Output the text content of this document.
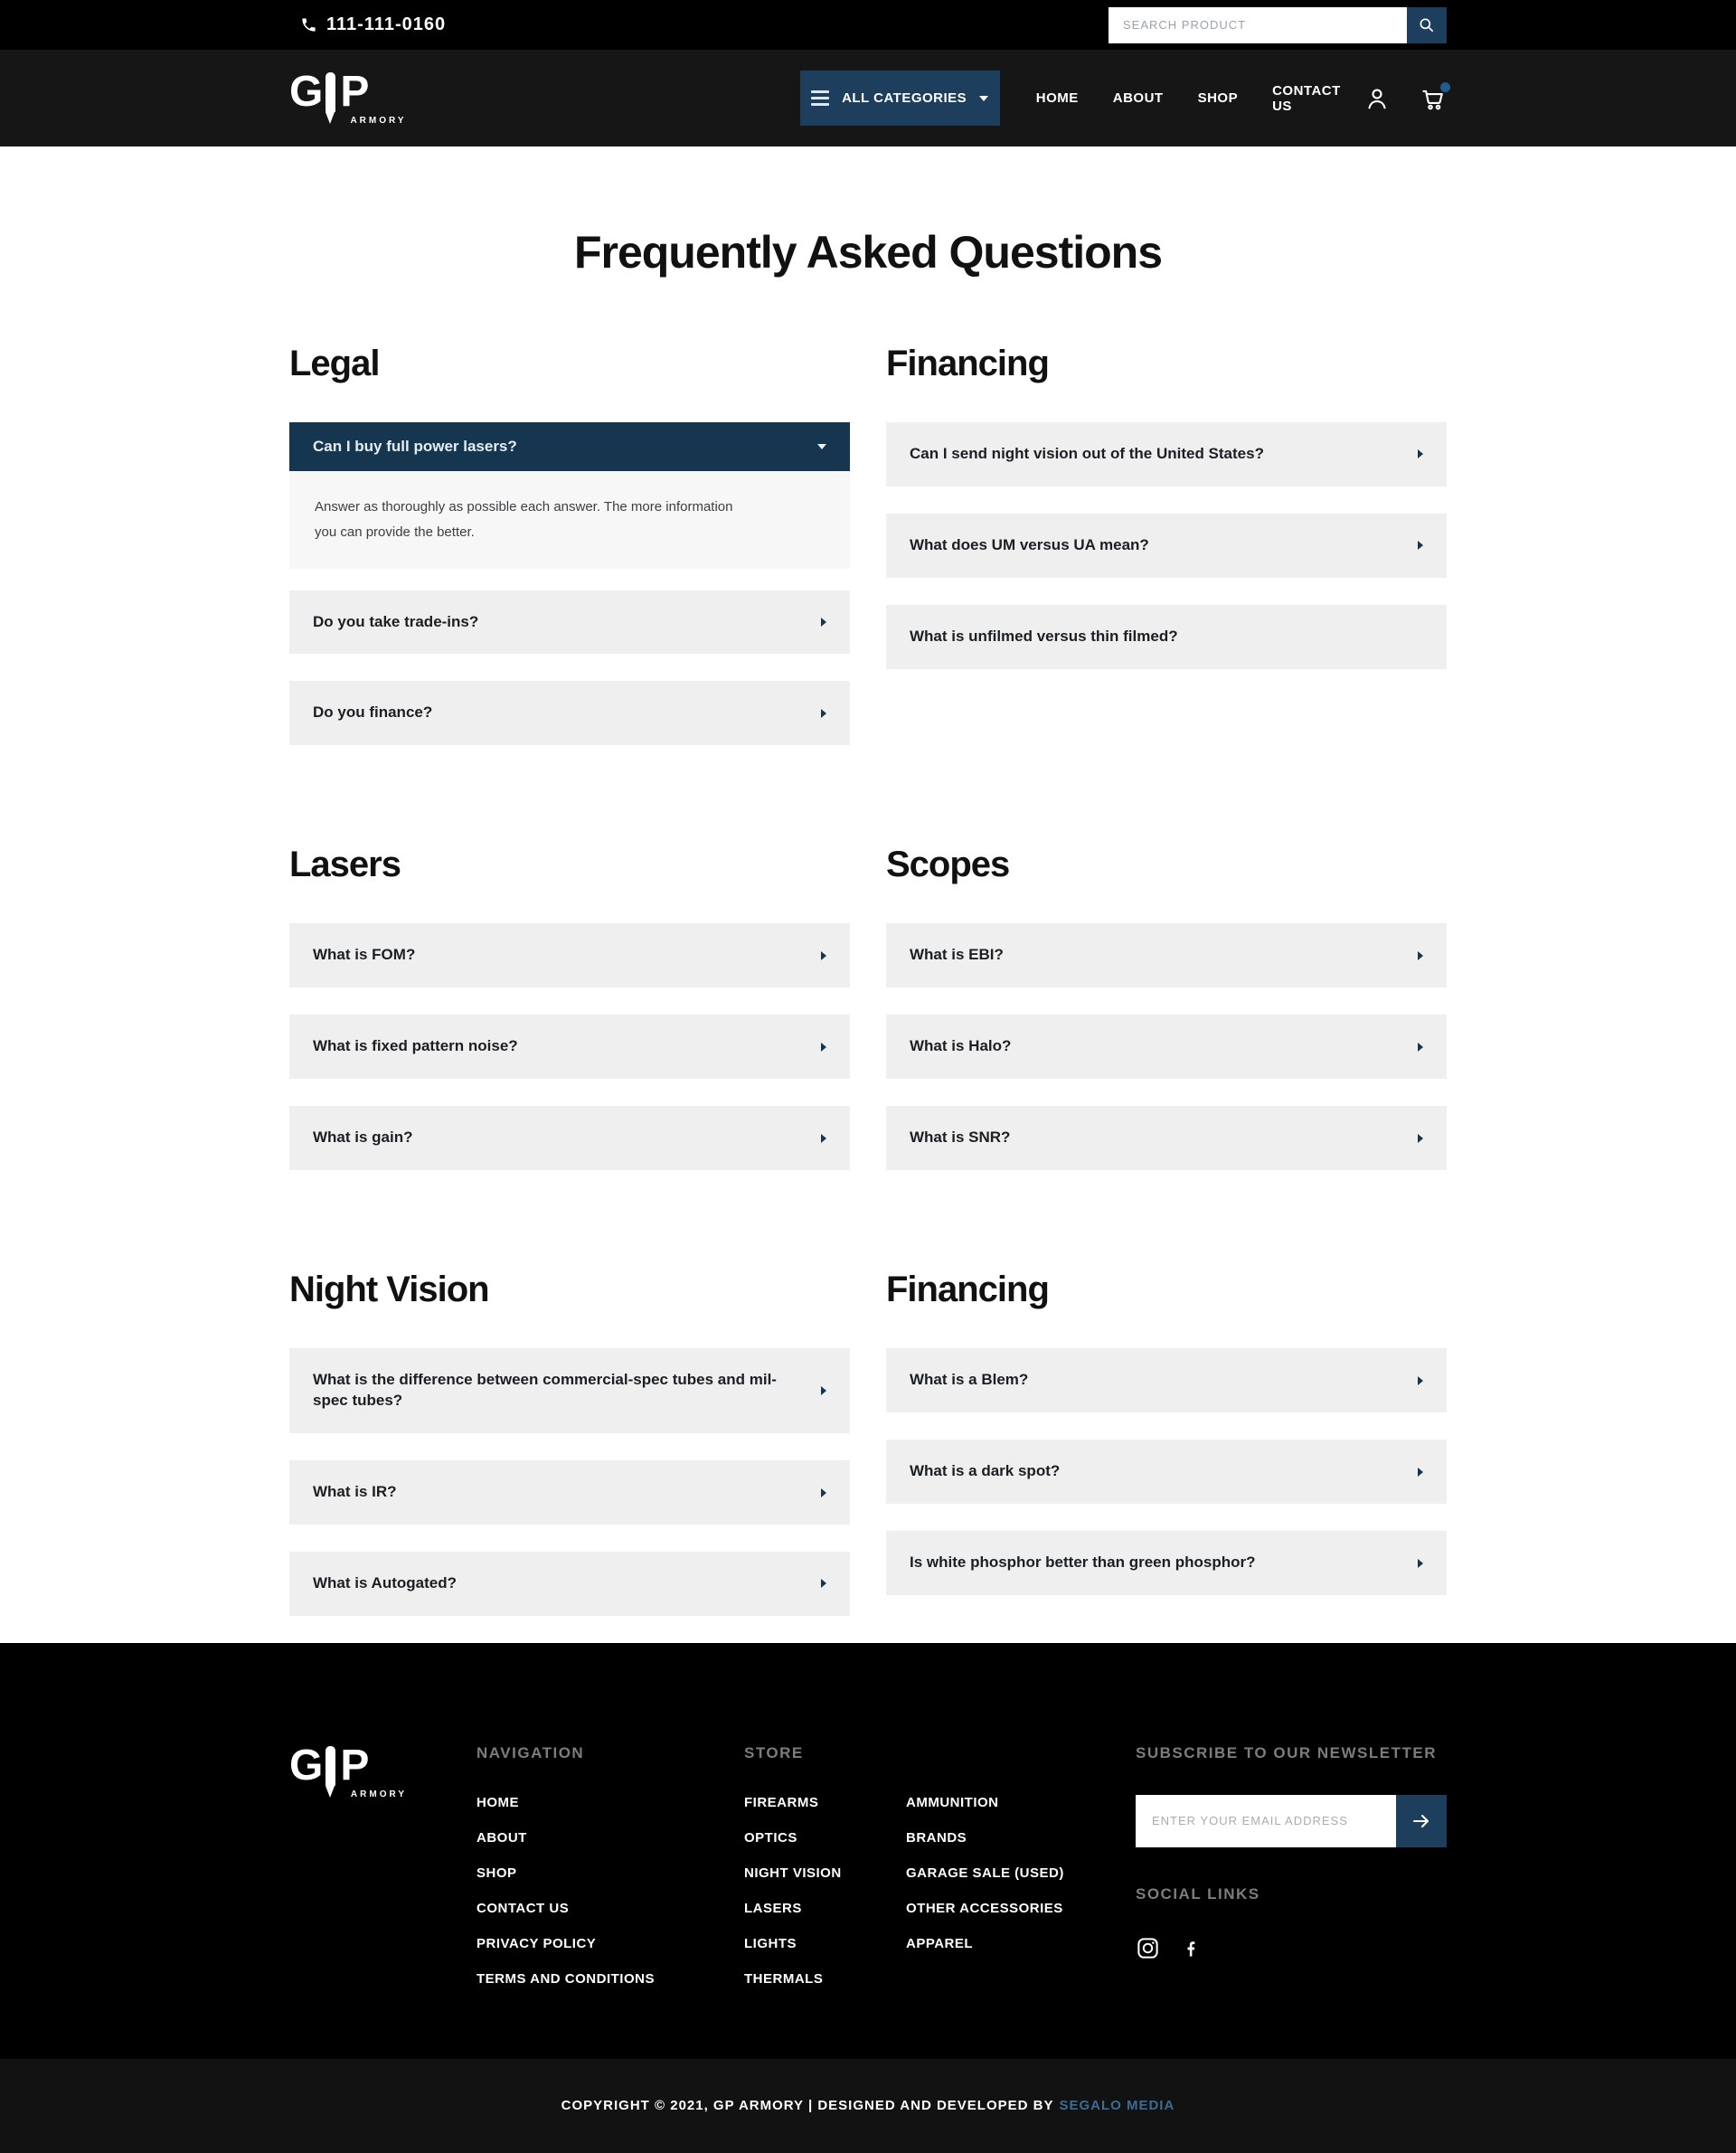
111-111-0160
SEARCH PRODUCT
G P
ARMORY
ALL CATEGORIES	HOME	ABOUT	SHOP	CONTACT US
Frequently Asked Questions
Legal
Can I buy full power lasers?

Answer as thoroughly as possible each answer. The more information you can provide the better.

Do you take trade-ins?
Do you finance?
Financing
Can I send night vision out of the United States?
What does UM versus UA mean?
What is unfilmed versus thin filmed?
Lasers
What is FOM?
What is fixed pattern noise?
What is gain?
Scopes
What is EBI?
What is Halo?
What is SNR?
Night Vision
What is the difference between commercial-spec tubes and mil-spec tubes?
What is IR?
What is Autogated?
Financing
What is a Blem?
What is a dark spot?
Is white phosphor better than green phosphor?
G P
ARMORY
NAVIGATION
HOME
ABOUT
SHOP
CONTACT US
PRIVACY POLICY
TERMS AND CONDITIONS
STORE
FIREARMS
OPTICS
NIGHT VISION
LASERS
LIGHTS
THERMALS
AMMUNITION
BRANDS
GARAGE SALE (USED)
OTHER ACCESSORIES
APPAREL
SUBSCRIBE TO OUR NEWSLETTER
ENTER YOUR EMAIL ADDRESS
SOCIAL LINKS
COPYRIGHT © 2021, GP ARMORY | DESIGNED AND DEVELOPED BY SEGALO MEDIA
